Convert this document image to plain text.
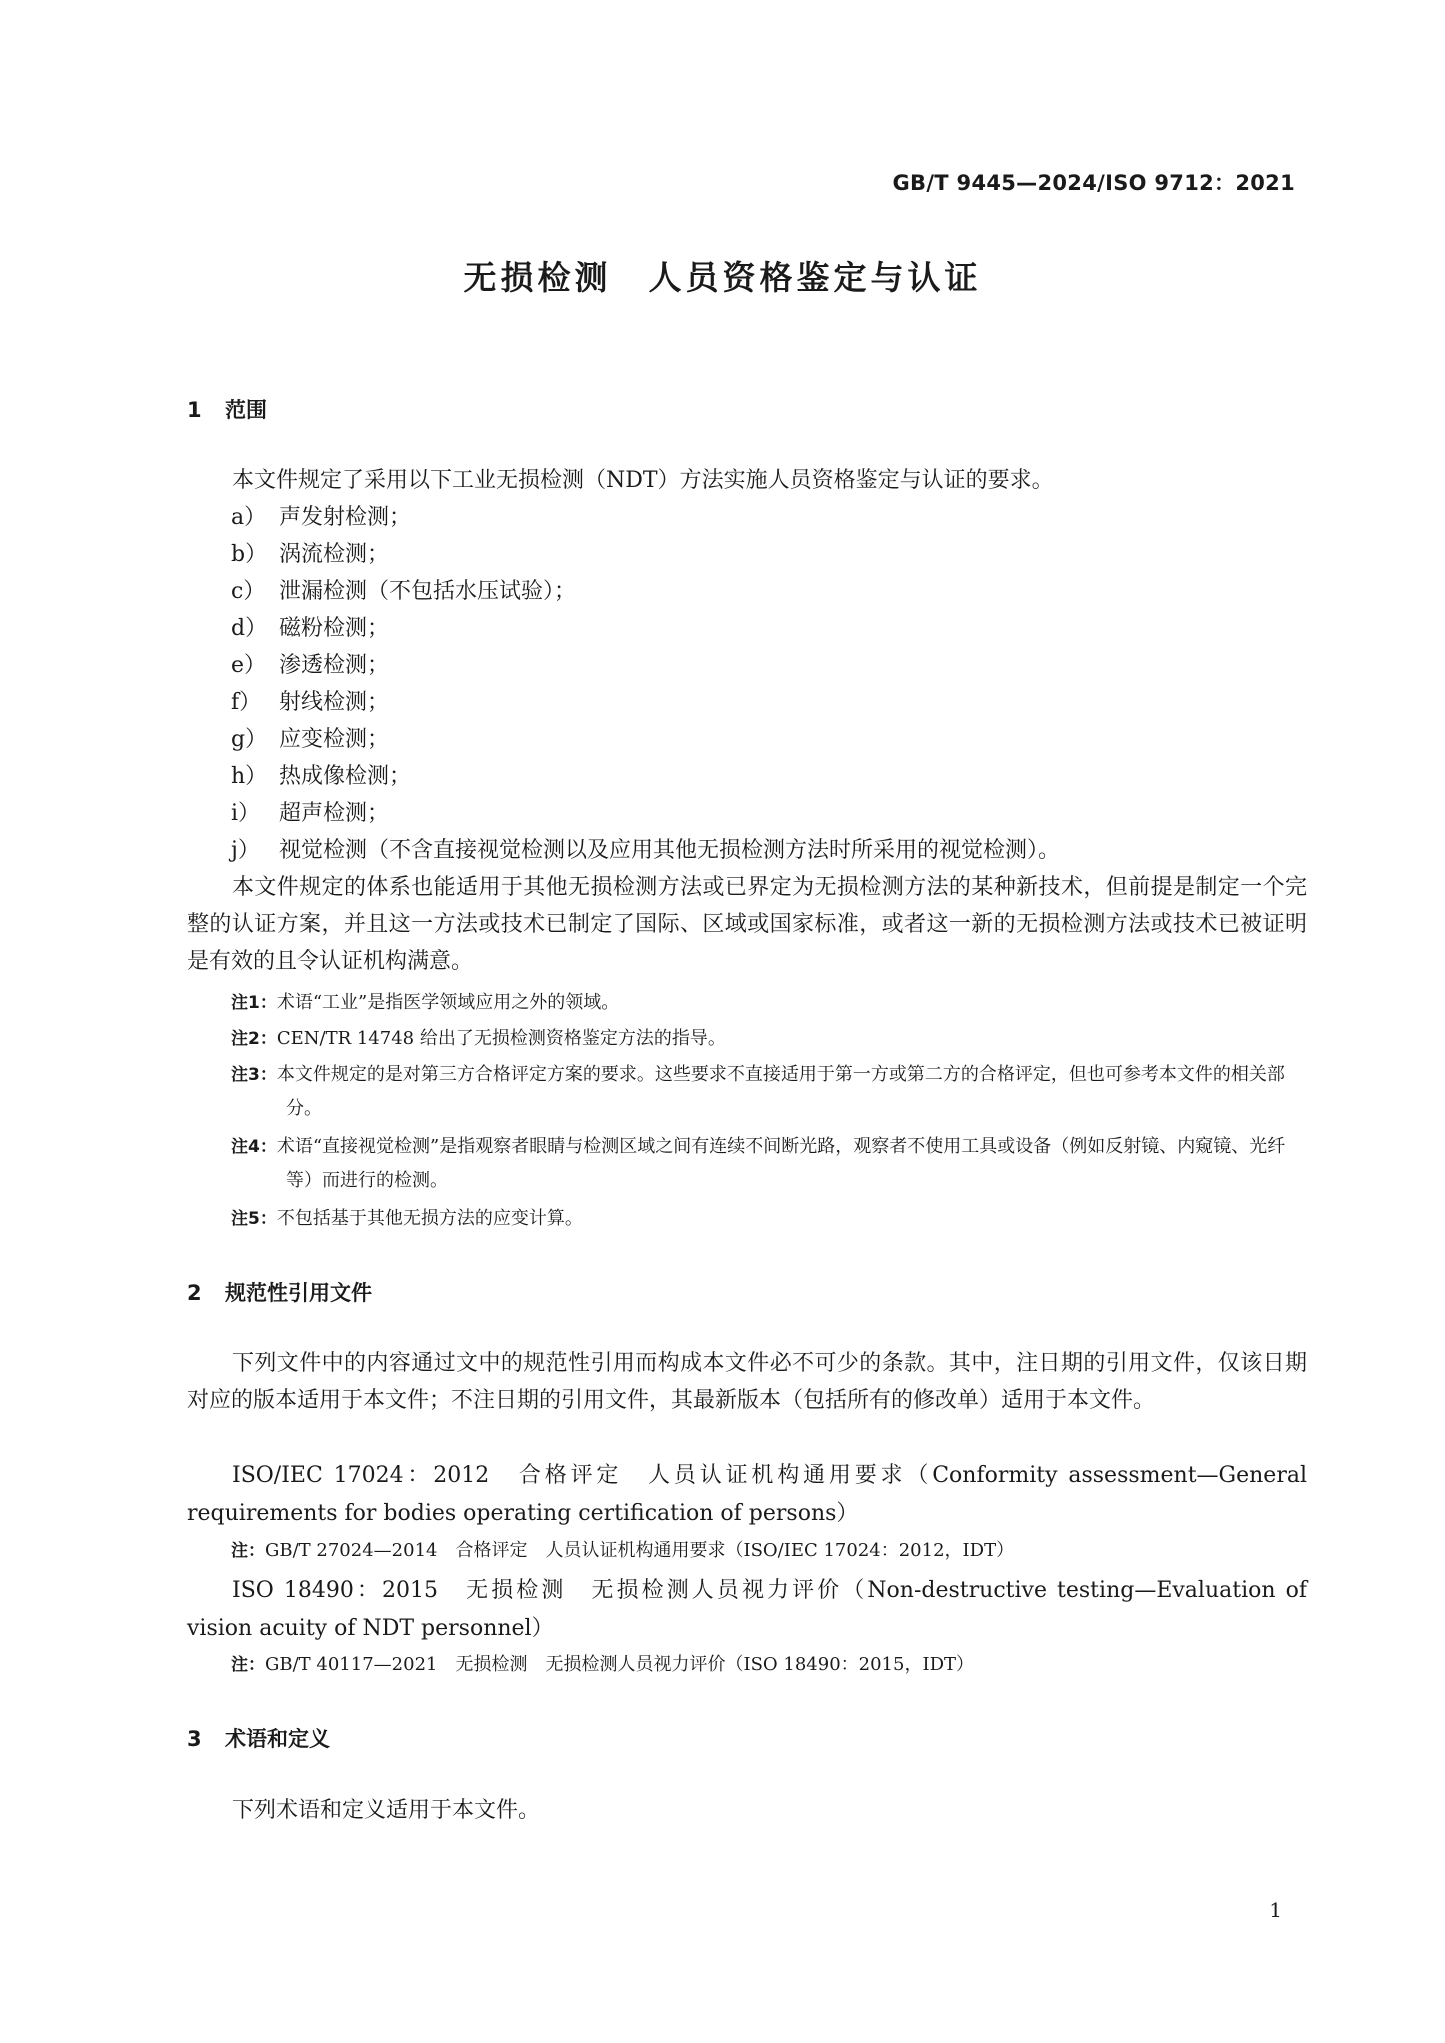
GB/T 9445—2024/ISO 9712：2021
无损检测　人员资格鉴定与认证
1 范围
本文件规定了采用以下工业无损检测（NDT）方法实施人员资格鉴定与认证的要求。
a） 声发射检测；
b） 涡流检测；
c） 泄漏检测（不包括水压试验）；
d） 磁粉检测；
e） 渗透检测；
f） 射线检测；
g） 应变检测；
h） 热成像检测；
i） 超声检测；
j） 视觉检测（不含直接视觉检测以及应用其他无损检测方法时所采用的视觉检测）。
本文件规定的体系也能适用于其他无损检测方法或已界定为无损检测方法的某种新技术，但前提是制定一个完整的认证方案，并且这一方法或技术已制定了国际、区域或国家标准，或者这一新的无损检测方法或技术已被证明是有效的且令认证机构满意。
注1：术语“工业”是指医学领域应用之外的领域。
注2：CEN/TR 14748 给出了无损检测资格鉴定方法的指导。
注3：本文件规定的是对第三方合格评定方案的要求。这些要求不直接适用于第一方或第二方的合格评定，但也可参考本文件的相关部分。
注4：术语“直接视觉检测”是指观察者眼睛与检测区域之间有连续不间断光路，观察者不使用工具或设备（例如反射镜、内窥镜、光纤等）而进行的检测。
注5：不包括基于其他无损方法的应变计算。
2 规范性引用文件
下列文件中的内容通过文中的规范性引用而构成本文件必不可少的条款。其中，注日期的引用文件，仅该日期对应的版本适用于本文件；不注日期的引用文件，其最新版本（包括所有的修改单）适用于本文件。
ISO/IEC 17024：2012　合格评定　人员认证机构通用要求（Conformity assessment—General requirements for bodies operating certification of persons）
注：GB/T 27024—2014　合格评定　人员认证机构通用要求（ISO/IEC 17024：2012，IDT）
ISO 18490：2015　无损检测　无损检测人员视力评价（Non-destructive testing—Evaluation of vision acuity of NDT personnel）
注：GB/T 40117—2021　无损检测　无损检测人员视力评价（ISO 18490：2015，IDT）
3 术语和定义
下列术语和定义适用于本文件。
1
